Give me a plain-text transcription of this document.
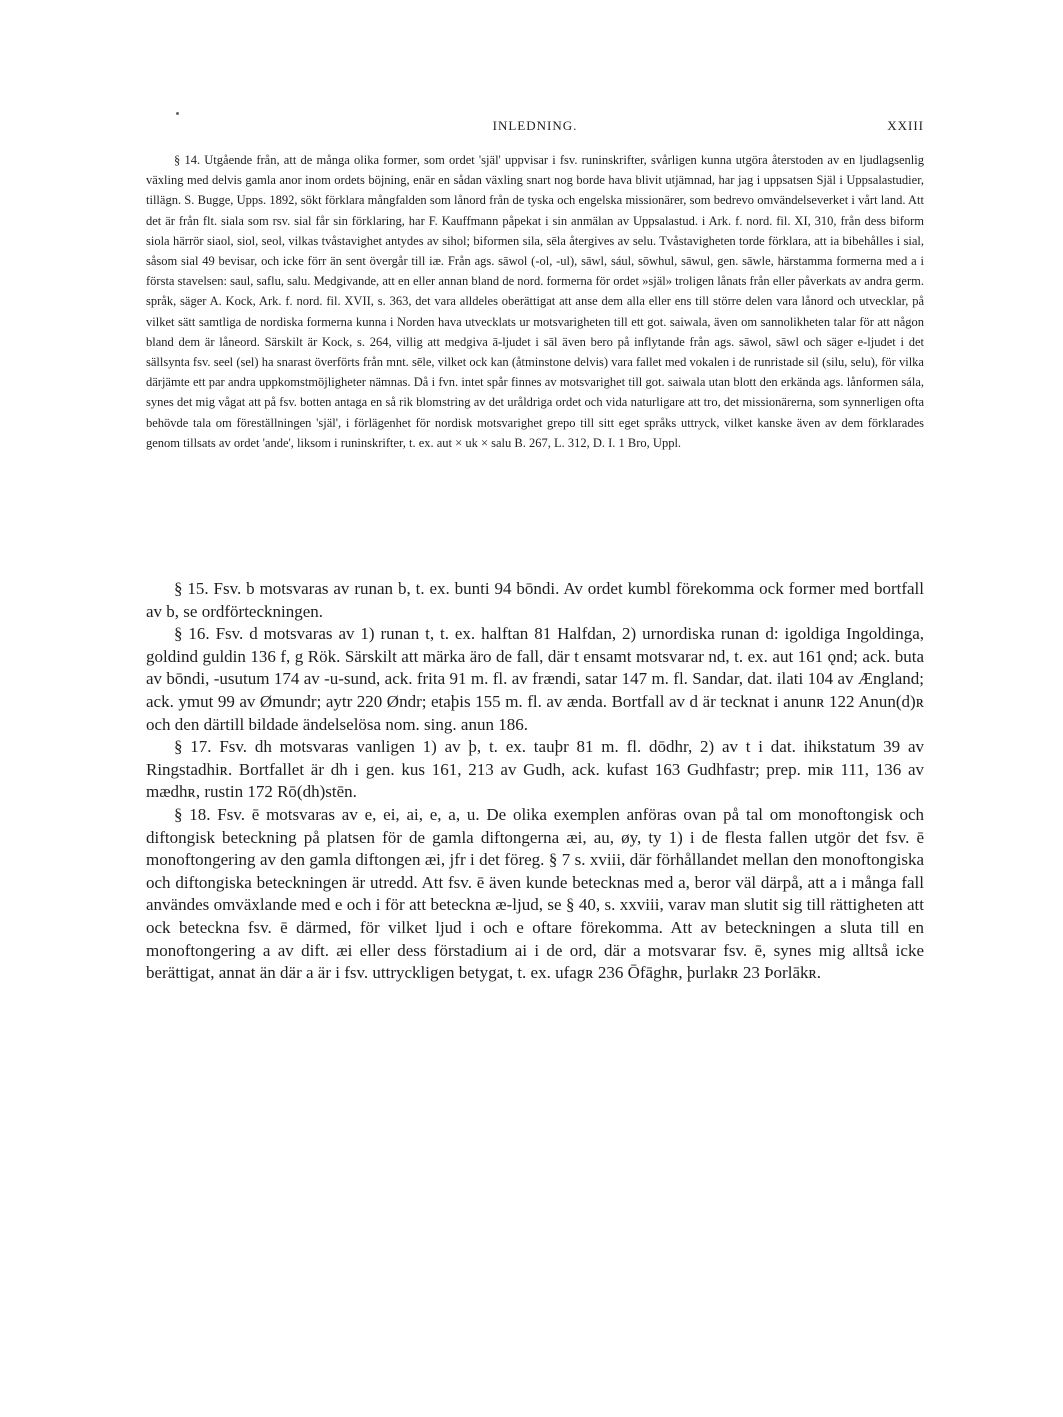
INLEDNING.	XXIII

§ 14. Utgående från, att de många olika former, som ordet 'själ' uppvisar i fsv. runinskrifter, svårligen kunna utgöra återstoden av en ljudlagsenlig växling med delvis gamla anor inom ordets böjning, enär en sådan växling snart nog borde hava blivit utjämnad, har jag i uppsatsen Själ i Uppsalastudier, tillägn. S. Bugge, Upps. 1892, sökt förklara mångfalden som lånord från de tyska och engelska missionärer, som bedrevo omvändelseverket i vårt land. Att det är från flt. siala som rsv. sial får sin förklaring, har F. Kauffmann påpekat i sin anmälan av Uppsalastud. i Ark. f. nord. fil. XI, 310, från dess biform siola härrör siaol, siol, seol, vilkas tvåstavighet antydes av sihol; biformen sila, sēla återgives av selu. Tvåstavigheten torde förklara, att ia bibehålles i sial, såsom sial 49 bevisar, och icke förr än sent övergår till iæ. Från ags. sāwol (-ol, -ul), sāwl, sául, sōwhul, sāwul, gen. sāwle, härstamma formerna med a i första stavelsen: saul, saflu, salu. Medgivande, att en eller annan bland de nord. formerna för ordet »själ» troligen lånats från eller påverkats av andra germ. språk, säger A. Kock, Ark. f. nord. fil. XVII, s. 363, det vara alldeles oberättigat att anse dem alla eller ens till större delen vara lånord och utvecklar, på vilket sätt samtliga de nordiska formerna kunna i Norden hava utvecklats ur motsvarigheten till ett got. saiwala, även om sannolikheten talar för att någon bland dem är låneord. Särskilt är Kock, s. 264, villig att medgiva ā-ljudet i sāl även bero på inflytande från ags. sāwol, sāwl och säger e-ljudet i det sällsynta fsv. seel (sel) ha snarast överförts från mnt. sēle, vilket ock kan (åtminstone delvis) vara fallet med vokalen i de runristade sil (silu, selu), för vilka därjämte ett par andra uppkomstmöjligheter nämnas. Då i fvn. intet spår finnes av motsvarighet till got. saiwala utan blott den erkända ags. lånformen sála, synes det mig vågat att på fsv. botten antaga en så rik blomstring av det uråldriga ordet och vida naturligare att tro, det missionärerna, som synnerligen ofta behövde tala om föreställningen 'själ', i förlägenhet för nordisk motsvarighet grepo till sitt eget språks uttryck, vilket kanske även av dem förklarades genom tillsats av ordet 'ande', liksom i runinskrifter, t. ex. aut × uk × salu B. 267, L. 312, D. I. 1 Bro, Uppl.

§ 15. Fsv. b motsvaras av runan b, t. ex. bunti 94 bōndi. Av ordet kumbl förekomma ock former med bortfall av b, se ordförteckningen.

§ 16. Fsv. d motsvaras av 1) runan t, t. ex. halftan 81 Halfdan, 2) urnordiska runan d: igoldiga Ingoldinga, goldind guldin 136 f, g Rök. Särskilt att märka äro de fall, där t ensamt motsvarar nd, t. ex. aut 161 ǫnd; ack. buta av bōndi, -usutum 174 av -u-sund, ack. frita 91 m. fl. av frændi, satar 147 m. fl. Sandar, dat. ilati 104 av Ængland; ack. ymut 99 av Ømundr; aytr 220 Øndr; etaþis 155 m. fl. av ænda. Bortfall av d är tecknat i anunʀ 122 Anun(d)ʀ och den därtill bildade ändelselösa nom. sing. anun 186.

§ 17. Fsv. dh motsvaras vanligen 1) av þ, t. ex. tauþr 81 m. fl. dōdhr, 2) av t i dat. ihikstatum 39 av Ringstadhiʀ. Bortfallet är dh i gen. kus 161, 213 av Gudh, ack. kufast 163 Gudhfastr; prep. miʀ 111, 136 av mædhʀ, rustin 172 Rō(dh)stēn.

§ 18. Fsv. ē motsvaras av e, ei, ai, e, a, u. De olika exemplen anföras ovan på tal om monoftongisk och diftongisk beteckning på platsen för de gamla diftongerna æi, au, øy, ty 1) i de flesta fallen utgör det fsv. ē monoftongering av den gamla diftongen æi, jfr i det föreg. § 7 s. xviii, där förhållandet mellan den monoftongiska och diftongiska beteckningen är utredd. Att fsv. ē även kunde betecknas med a, beror väl därpå, att a i många fall användes omväxlande med e och i för att beteckna æ-ljud, se § 40, s. xxviii, varav man slutit sig till rättigheten att ock beteckna fsv. ē därmed, för vilket ljud i och e oftare förekomma. Att av beteckningen a sluta till en monoftongering a av dift. æi eller dess förstadium ai i de ord, där a motsvarar fsv. ē, synes mig alltså icke berättigat, annat än där a är i fsv. uttryckligen betygat, t. ex. ufagʀ 236 Ōfāghʀ, þurlakʀ 23 Þorlākʀ.
